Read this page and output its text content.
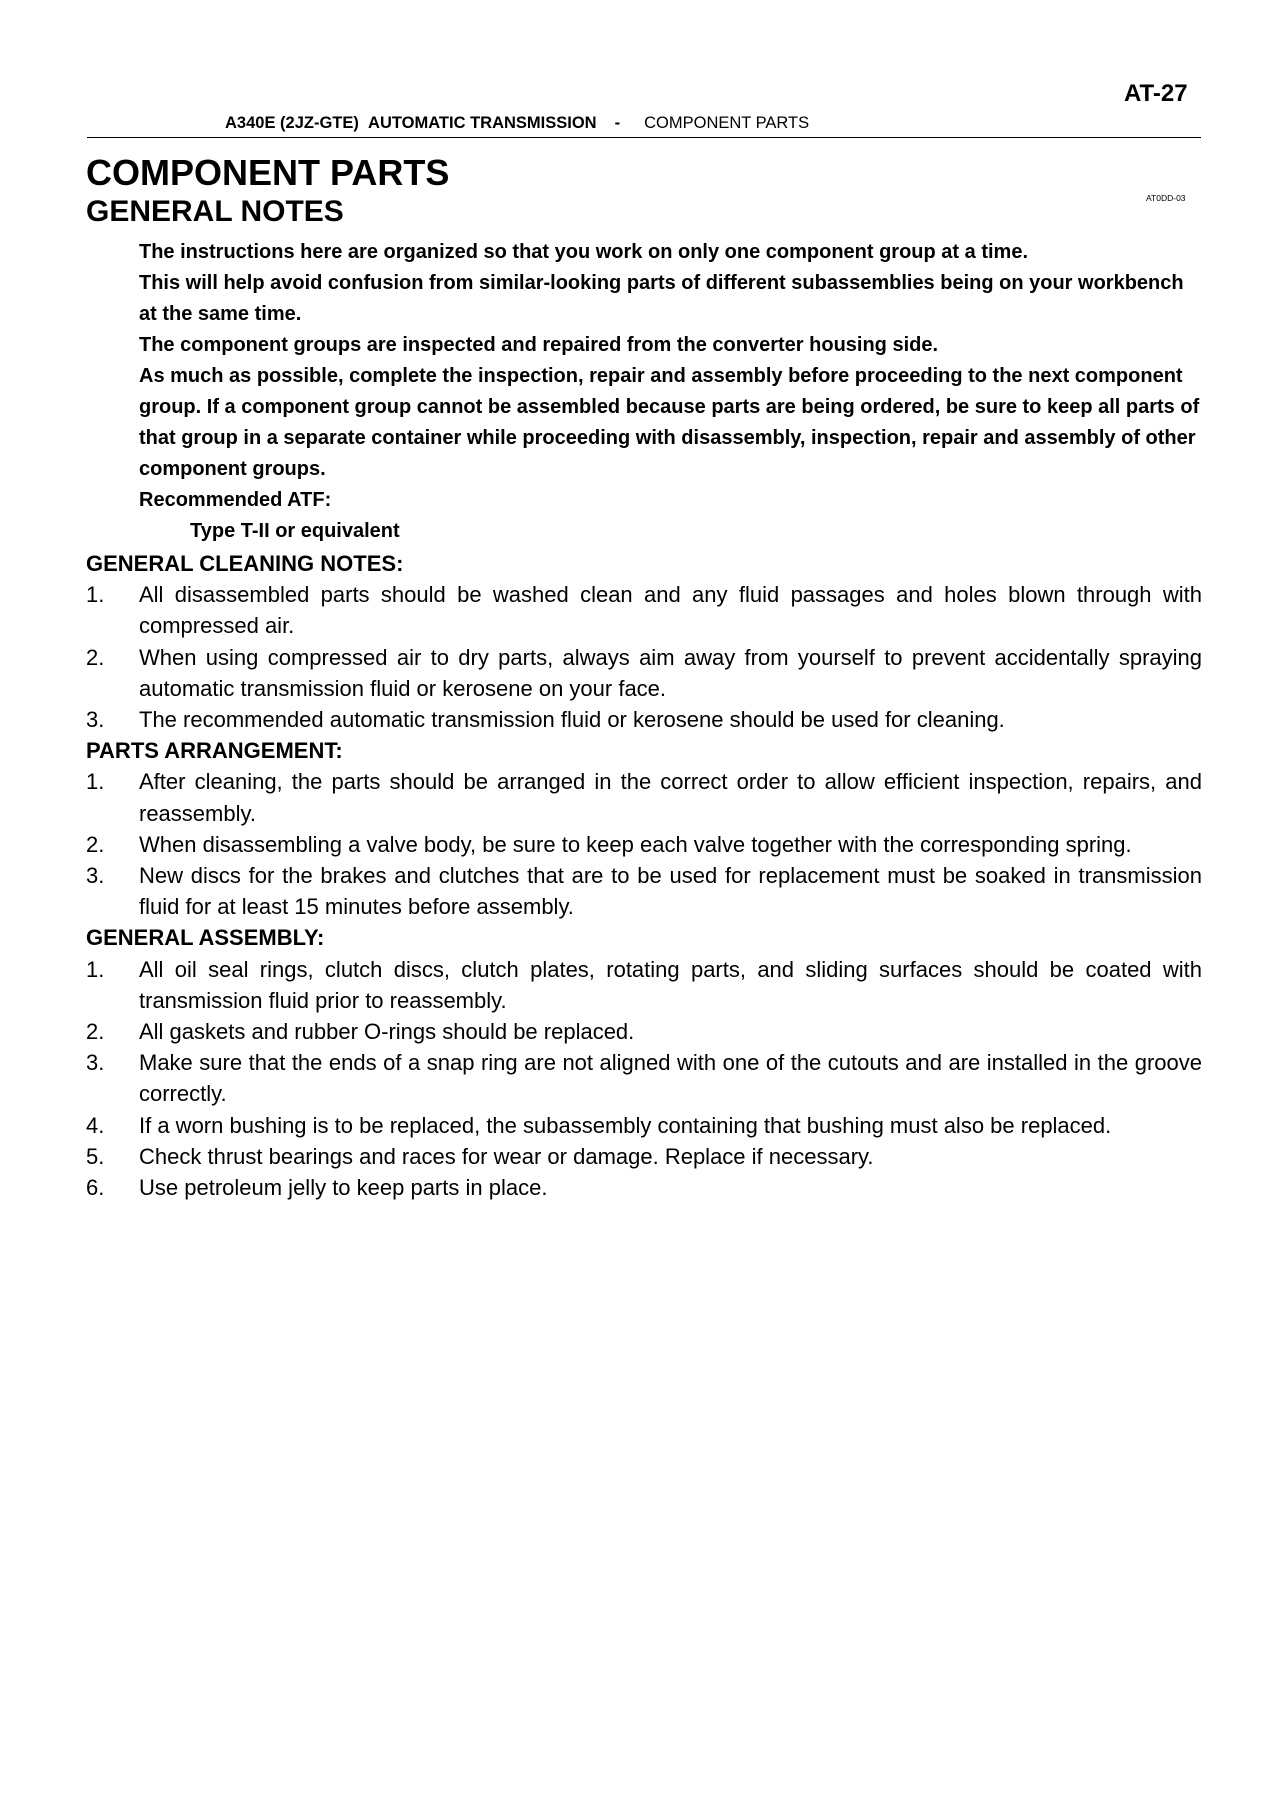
AT-27
A340E (2JZ-GTE) AUTOMATIC TRANSMISSION - COMPONENT PARTS
COMPONENT PARTS
GENERAL NOTES	AT0DD-03

The instructions here are organized so that you work on only one component group at a time.

This will help avoid confusion from similar-looking parts of different subassemblies being on your workbench at the same time.

The component groups are inspected and repaired from the converter housing side.

As much as possible, complete the inspection, repair and assembly before proceeding to the next component group. If a component group cannot be assembled because parts are being ordered, be sure to keep all parts of that group in a separate container while proceeding with disassembly, inspection, repair and assembly of other component groups.

Recommended ATF:

Type T-II or equivalent

GENERAL CLEANING NOTES:

1.	All disassembled parts should be washed clean and any fluid passages and holes blown through with compressed air.
2.	When using compressed air to dry parts, always aim away from yourself to prevent accidentally spraying automatic transmission fluid or kerosene on your face.
3.	The recommended automatic transmission fluid or kerosene should be used for cleaning.

PARTS ARRANGEMENT:

1.	After cleaning, the parts should be arranged in the correct order to allow efficient inspection, repairs, and reassembly.
2.	When disassembling a valve body, be sure to keep each valve together with the corresponding spring.
3.	New discs for the brakes and clutches that are to be used for replacement must be soaked in transmission fluid for at least 15 minutes before assembly.

GENERAL ASSEMBLY:

1.	All oil seal rings, clutch discs, clutch plates, rotating parts, and sliding surfaces should be coated with transmission fluid prior to reassembly.
2.	All gaskets and rubber O-rings should be replaced.
3.	Make sure that the ends of a snap ring are not aligned with one of the cutouts and are installed in the groove correctly.
4.	If a worn bushing is to be replaced, the subassembly containing that bushing must also be replaced.
5.	Check thrust bearings and races for wear or damage. Replace if necessary.
6.	Use petroleum jelly to keep parts in place.
